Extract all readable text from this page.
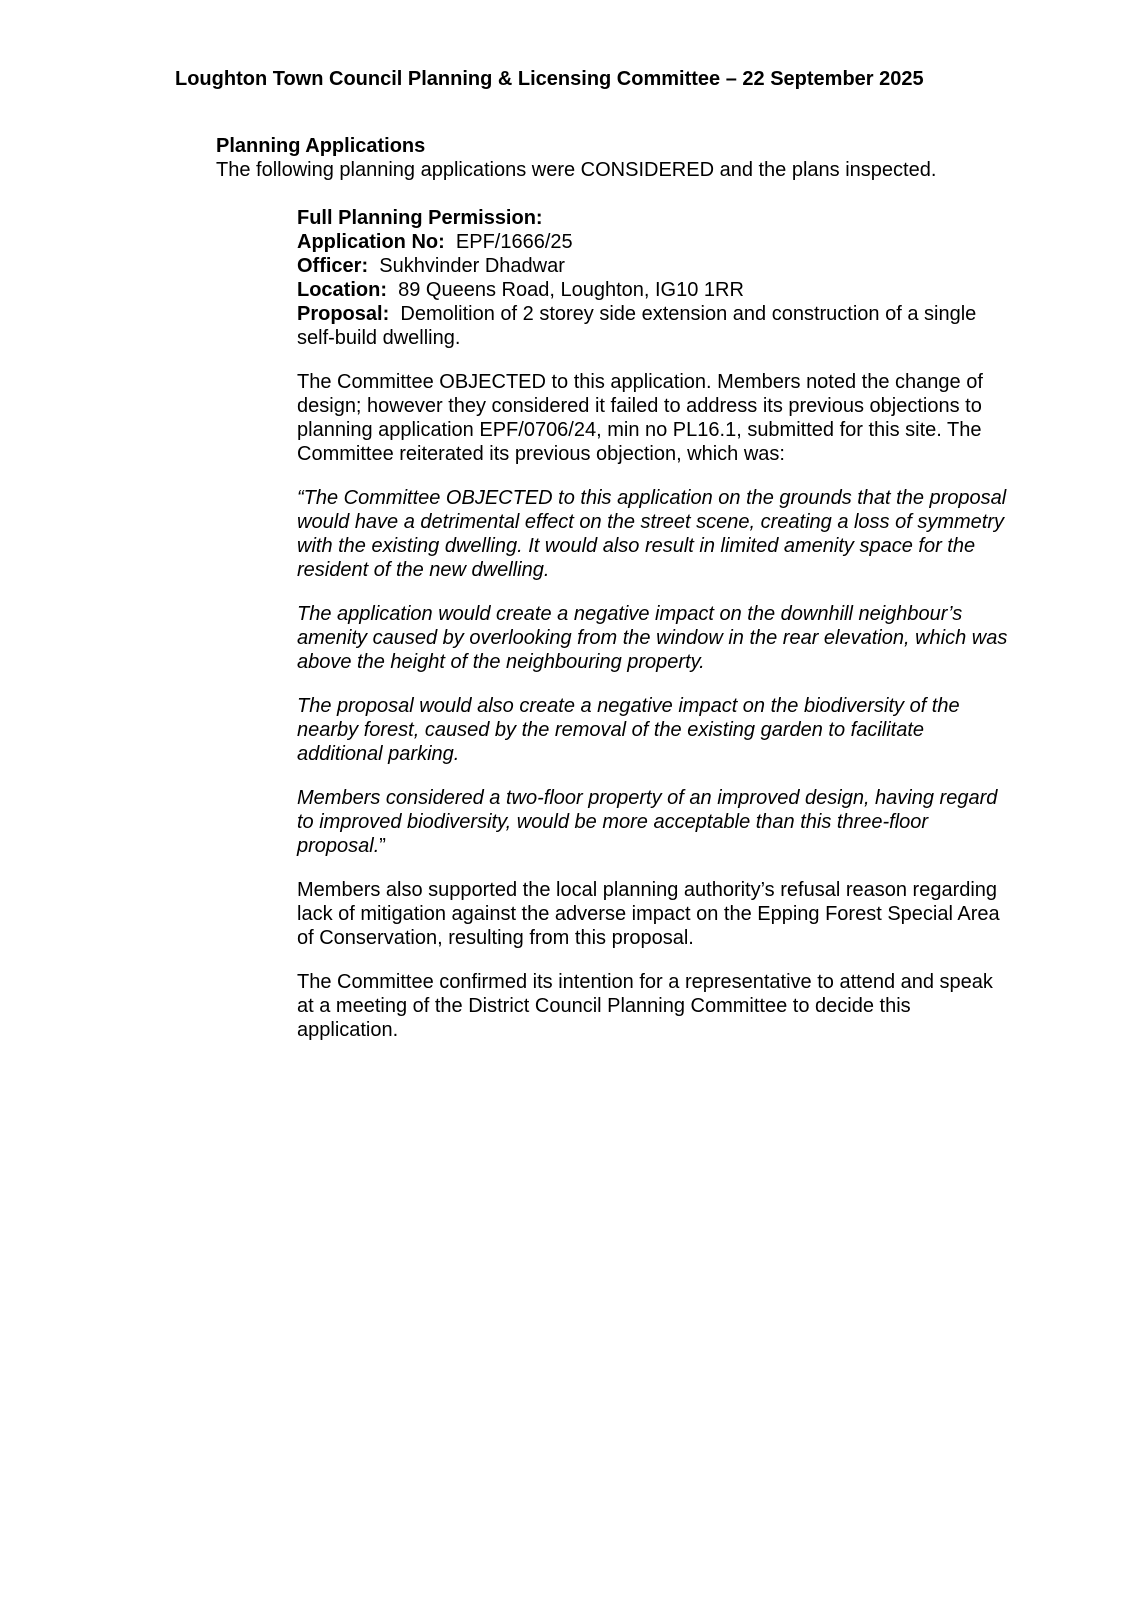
Loughton Town Council Planning & Licensing Committee – 22 September 2025

Planning Applications

The following planning applications were CONSIDERED and the plans inspected.

Full Planning Permission:

Application No: EPF/1666/25

Officer: Sukhvinder Dhadwar

Location: 89 Queens Road, Loughton, IG10 1RR

Proposal: Demolition of 2 storey side extension and construction of a single self-build dwelling.

The Committee OBJECTED to this application. Members noted the change of design; however they considered it failed to address its previous objections to planning application EPF/0706/24, min no PL16.1, submitted for this site. The Committee reiterated its previous objection, which was:

“The Committee OBJECTED to this application on the grounds that the proposal would have a detrimental effect on the street scene, creating a loss of symmetry with the existing dwelling. It would also result in limited amenity space for the resident of the new dwelling.

The application would create a negative impact on the downhill neighbour’s amenity caused by overlooking from the window in the rear elevation, which was above the height of the neighbouring property.

The proposal would also create a negative impact on the biodiversity of the nearby forest, caused by the removal of the existing garden to facilitate additional parking.

Members considered a two-floor property of an improved design, having regard to improved biodiversity, would be more acceptable than this three-floor proposal.”

Members also supported the local planning authority’s refusal reason regarding lack of mitigation against the adverse impact on the Epping Forest Special Area of Conservation, resulting from this proposal.

The Committee confirmed its intention for a representative to attend and speak at a meeting of the District Council Planning Committee to decide this application.
